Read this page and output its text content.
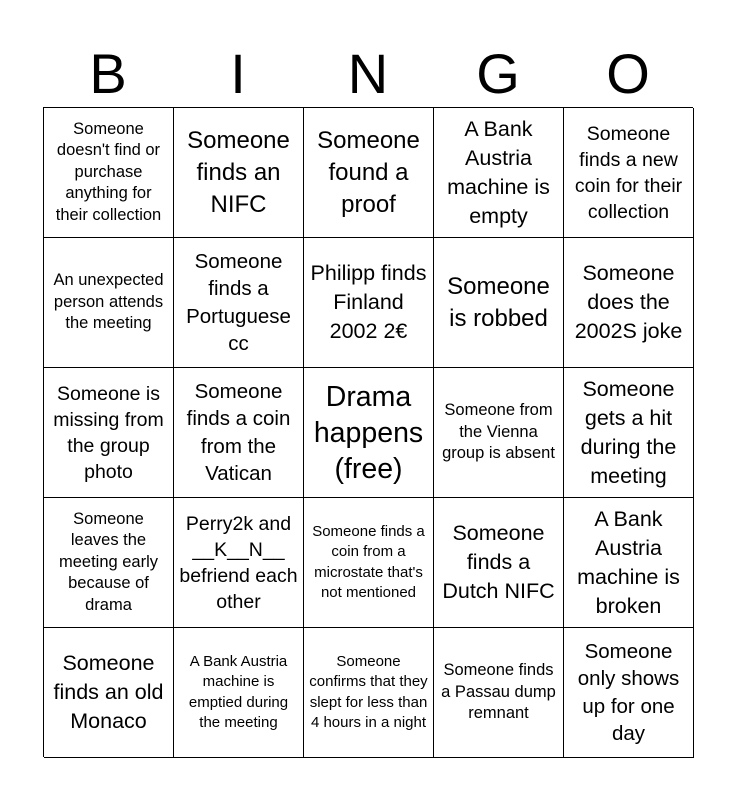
B	I	N	G	O
Someone doesn't find or purchase anything for their collection
Someone finds an NIFC
Someone found a proof
A Bank Austria machine is empty
Someone finds a new coin for their collection
An unexpected person attends the meeting
Someone finds a Portuguese cc
Philipp finds Finland 2002 2€
Someone is robbed
Someone does the 2002S joke
Someone is missing from the group photo
Someone finds a coin from the Vatican
Drama happens (free)
Someone from the Vienna group is absent
Someone gets a hit during the meeting
Someone leaves the meeting early because of drama
Perry2k and __K__N__ befriend each other
Someone finds a coin from a microstate that's not mentioned
Someone finds a Dutch NIFC
A Bank Austria machine is broken
Someone finds an old Monaco
A Bank Austria machine is emptied during the meeting
Someone confirms that they slept for less than 4 hours in a night
Someone finds a Passau dump remnant
Someone only shows up for one day
